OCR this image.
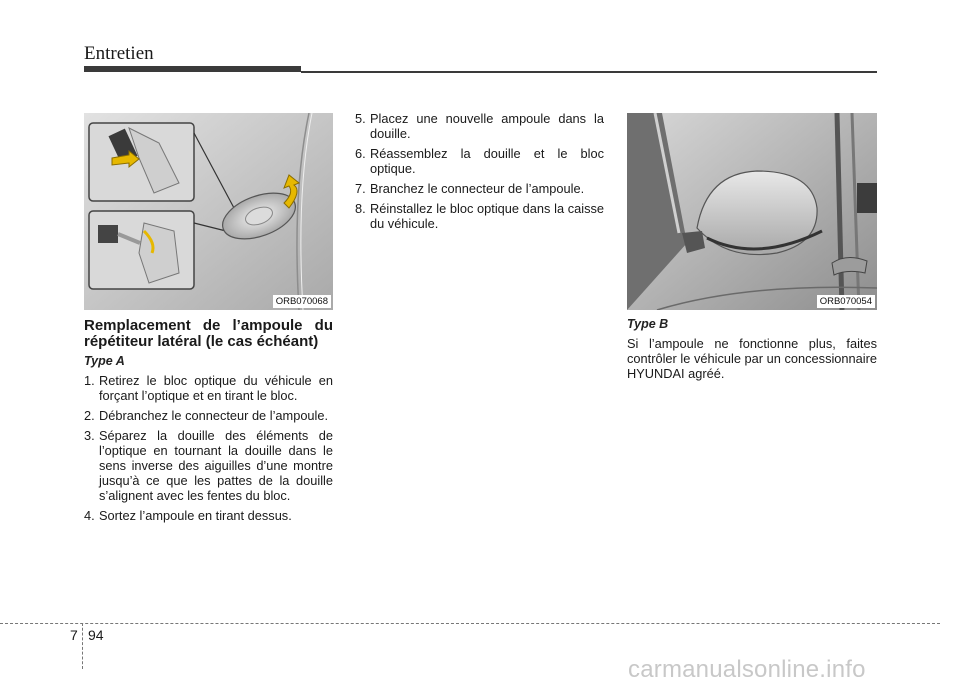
Entretien
ORB070068	ORB070054
Remplacement de l’ampoule du répétiteur latéral (le cas échéant)
Type A
1. Retirez le bloc optique du véhicule en forçant l’optique et en tirant le bloc.
2. Débranchez le connecteur de l’ampoule.
3. Séparez la douille des éléments de l’optique en tournant la douille dans le sens inverse des aiguilles d’une montre jusqu’à ce que les pattes de la douille s’alignent avec les fentes du bloc.
4. Sortez l’ampoule en tirant dessus.
5. Placez une nouvelle ampoule dans la douille.
6. Réassemblez la douille et le bloc optique.
7. Branchez le connecteur de l’ampoule.
8. Réinstallez le bloc optique dans la caisse du véhicule.
Type B

Si l’ampoule ne fonctionne plus, faites contrôler le véhicule par un concessionnaire HYUNDAI agréé.

7 94
carmanualsonline.info
